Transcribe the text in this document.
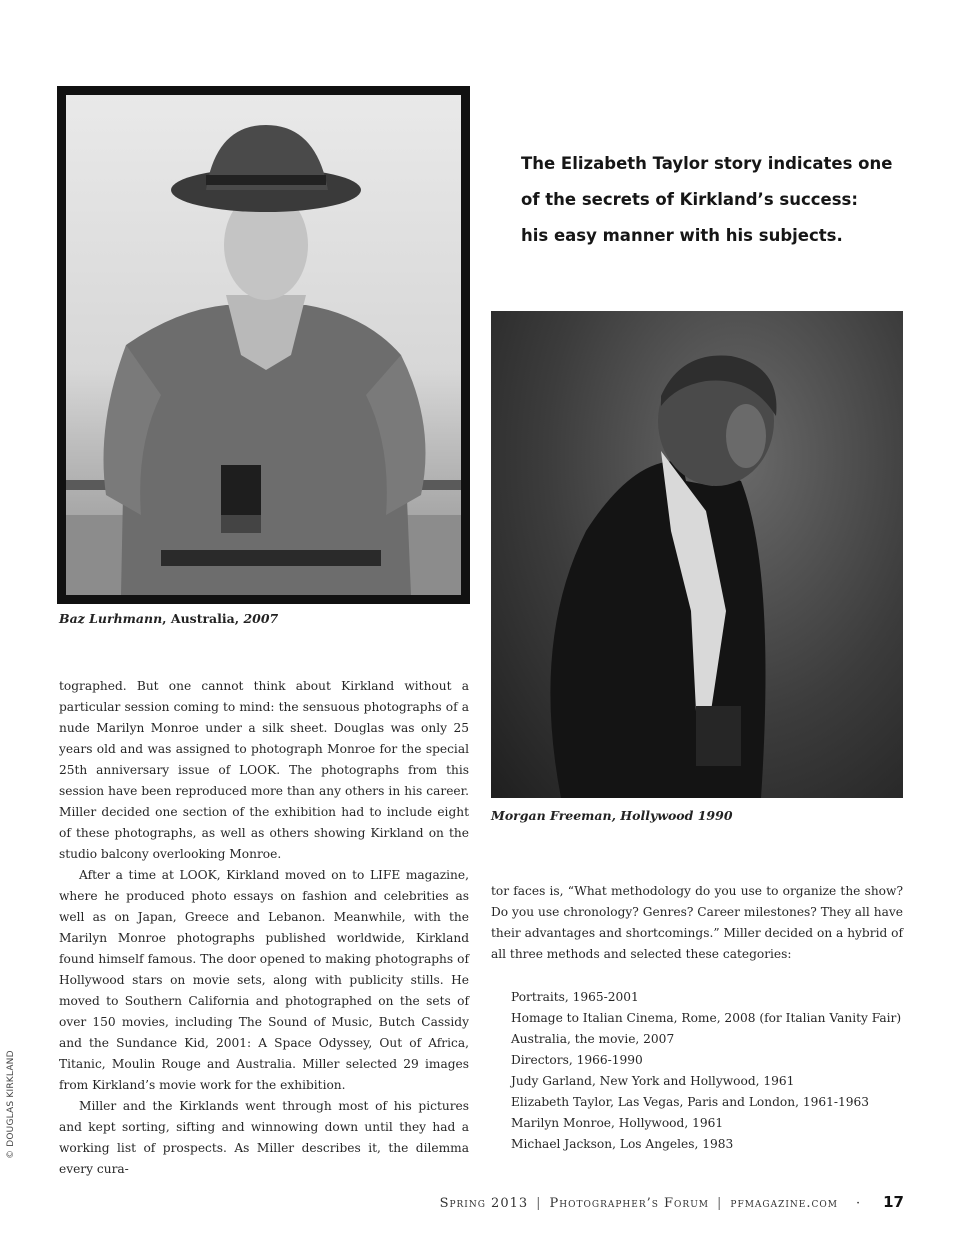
Baz Lurhmann, Australia, 2007
The Elizabeth Taylor story indicates one
of the secrets of Kirkland’s success:
his easy manner with his subjects.
Morgan Freeman, Hollywood 1990

tographed. But one cannot think about Kirkland without a particular session coming to mind: the sensuous photographs of a nude Marilyn Monroe under a silk sheet. Douglas was only 25 years old and was assigned to photograph Monroe for the special 25th anniversary issue of LOOK. The photographs from this session have been reproduced more than any others in his career. Miller decided one section of the exhibition had to include eight of these photographs, as well as others showing Kirkland on the studio balcony overlooking Monroe.

After a time at LOOK, Kirkland moved on to LIFE magazine, where he produced photo essays on fashion and celebrities as well as on Japan, Greece and Lebanon. Meanwhile, with the Marilyn Monroe photographs published worldwide, Kirkland found himself famous. The door opened to making photographs of Hollywood stars on movie sets, along with publicity stills. He moved to Southern California and photographed on the sets of over 150 movies, including The Sound of Music, Butch Cassidy and the Sundance Kid, 2001: A Space Odyssey, Out of Africa, Titanic, Moulin Rouge and Australia. Miller selected 29 images from Kirkland’s movie work for the exhibition.

Miller and the Kirklands went through most of his pictures and kept sorting, sifting and winnowing down until they had a working list of prospects. As Miller describes it, the dilemma every cura-

tor faces is, “What methodology do you use to organize the show? Do you use chronology? Genres? Career milestones? They all have their advantages and shortcomings.” Miller decided on a hybrid of all three methods and selected these categories:

Portraits, 1965-2001
Homage to Italian Cinema, Rome, 2008 (for Italian Vanity Fair)
Australia, the movie, 2007
Directors, 1966-1990
Judy Garland, New York and Hollywood, 1961
Elizabeth Taylor, Las Vegas, Paris and London, 1961-1963
Marilyn Monroe, Hollywood, 1961
Michael Jackson, Los Angeles, 1983
© DOUGLAS KIRKLAND
Spring 2013 | Photographer’s Forum | pfmagazine.com · 17
